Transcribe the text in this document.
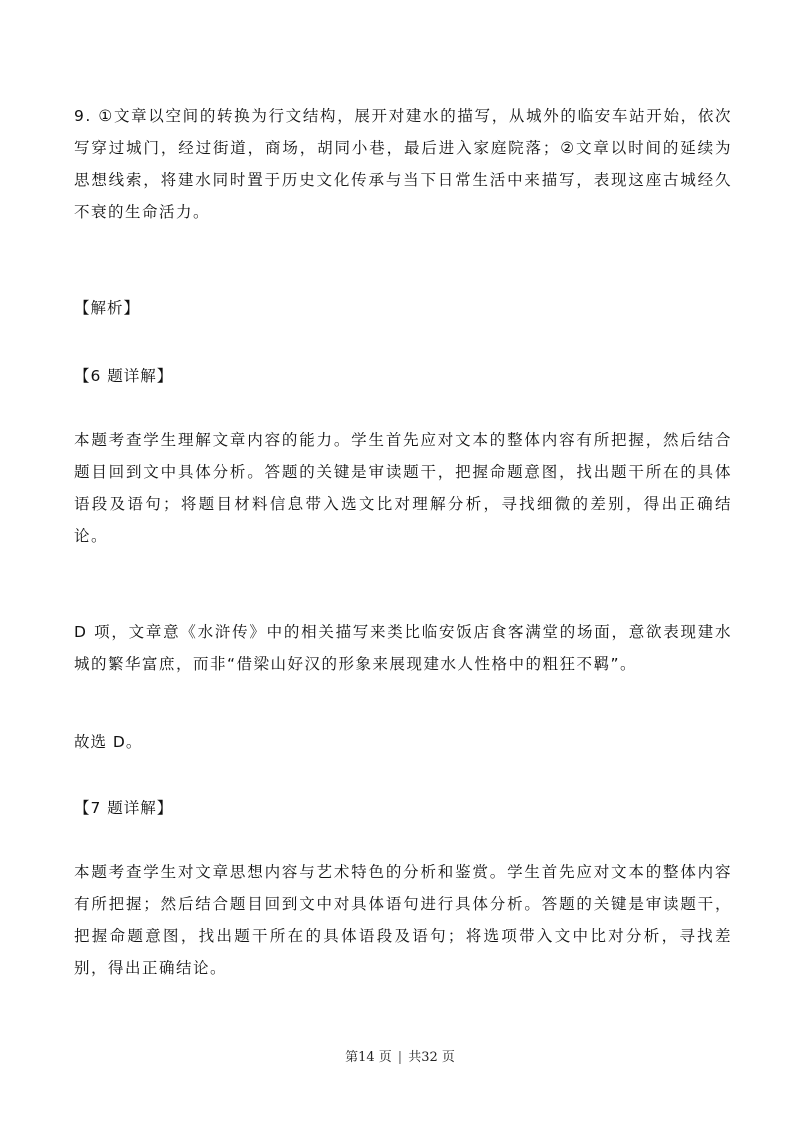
9. ①文章以空间的转换为行文结构，展开对建水的描写，从城外的临安车站开始，依次写穿过城门，经过街道，商场，胡同小巷，最后进入家庭院落；②文章以时间的延续为思想线索，将建水同时置于历史文化传承与当下日常生活中来描写，表现这座古城经久不衰的生命活力。
【解析】
【6 题详解】
本题考查学生理解文章内容的能力。学生首先应对文本的整体内容有所把握，然后结合题目回到文中具体分析。答题的关键是审读题干，把握命题意图，找出题干所在的具体语段及语句；将题目材料信息带入选文比对理解分析，寻找细微的差别，得出正确结论。
D 项，文章意《水浒传》中的相关描写来类比临安饭店食客满堂的场面，意欲表现建水城的繁华富庶，而非“借梁山好汉的形象来展现建水人性格中的粗狂不羁”。
故选 D。
【7 题详解】
本题考查学生对文章思想内容与艺术特色的分析和鉴赏。学生首先应对文本的整体内容有所把握；然后结合题目回到文中对具体语句进行具体分析。答题的关键是审读题干，把握命题意图，找出题干所在的具体语段及语句；将选项带入文中比对分析，寻找差别，得出正确结论。
第14 页 | 共32 页
